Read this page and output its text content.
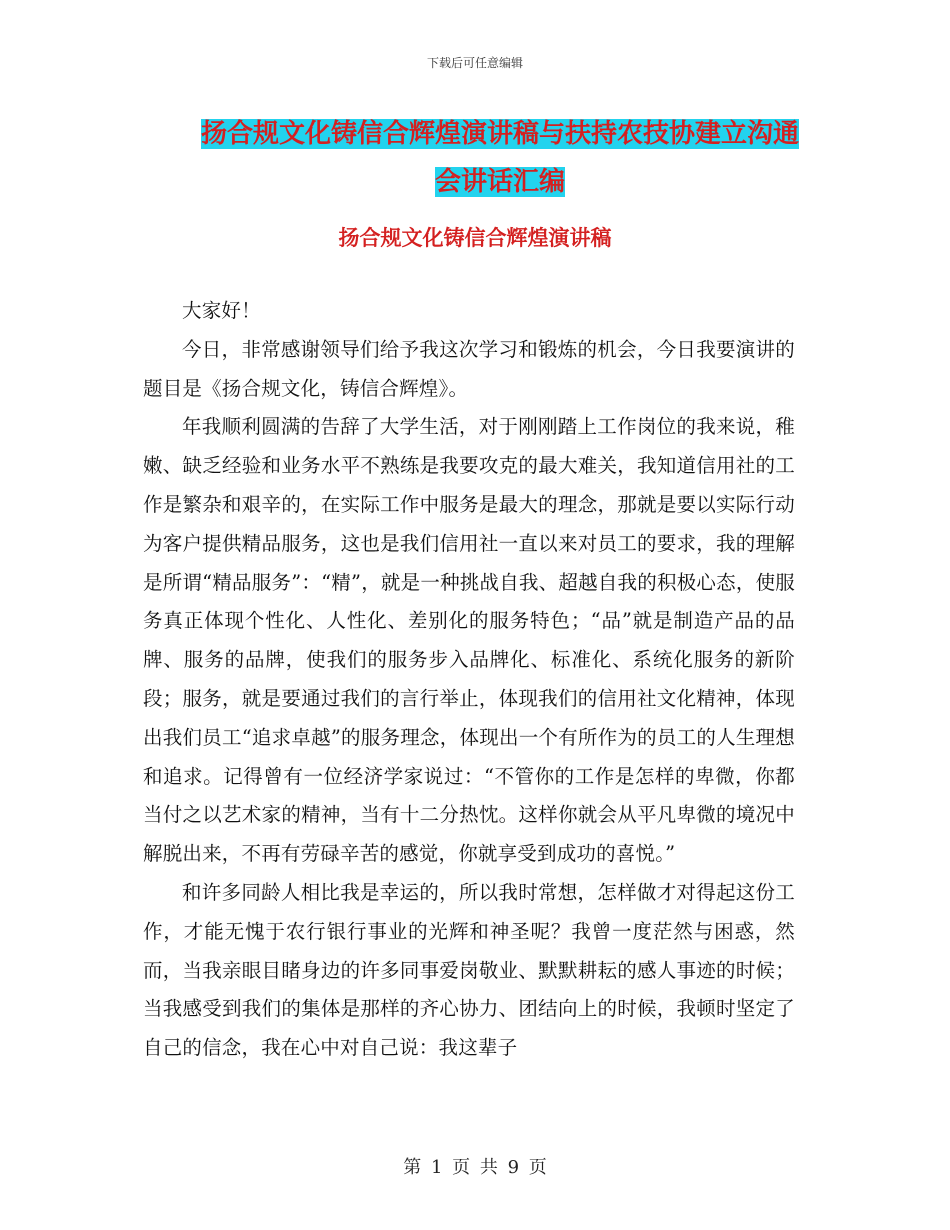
下载后可任意编辑
扬合规文化铸信合辉煌演讲稿与扶持农技协建立沟通
会讲话汇编
扬合规文化铸信合辉煌演讲稿

大家好！

今日，非常感谢领导们给予我这次学习和锻炼的机会，今日我要演讲的题目是《扬合规文化，铸信合辉煌》。

年我顺利圆满的告辞了大学生活，对于刚刚踏上工作岗位的我来说，稚嫩、缺乏经验和业务水平不熟练是我要攻克的最大难关，我知道信用社的工作是繁杂和艰辛的，在实际工作中服务是最大的理念，那就是要以实际行动为客户提供精品服务，这也是我们信用社一直以来对员工的要求，我的理解是所谓“精品服务”：“精”，就是一种挑战自我、超越自我的积极心态，使服务真正体现个性化、人性化、差别化的服务特色；“品”就是制造产品的品牌、服务的品牌，使我们的服务步入品牌化、标准化、系统化服务的新阶段；服务，就是要通过我们的言行举止，体现我们的信用社文化精神，体现出我们员工“追求卓越”的服务理念，体现出一个有所作为的员工的人生理想和追求。记得曾有一位经济学家说过：“不管你的工作是怎样的卑微，你都当付之以艺术家的精神，当有十二分热忱。这样你就会从平凡卑微的境况中解脱出来，不再有劳碌辛苦的感觉，你就享受到成功的喜悦。”

和许多同龄人相比我是幸运的，所以我时常想，怎样做才对得起这份工作，才能无愧于农行银行事业的光辉和神圣呢？我曾一度茫然与困惑，然而，当我亲眼目睹身边的许多同事爱岗敬业、默默耕耘的感人事迹的时候；当我感受到我们的集体是那样的齐心协力、团结向上的时候，我顿时坚定了自己的信念，我在心中对自己说：我这辈子

第 1 页 共 9 页
